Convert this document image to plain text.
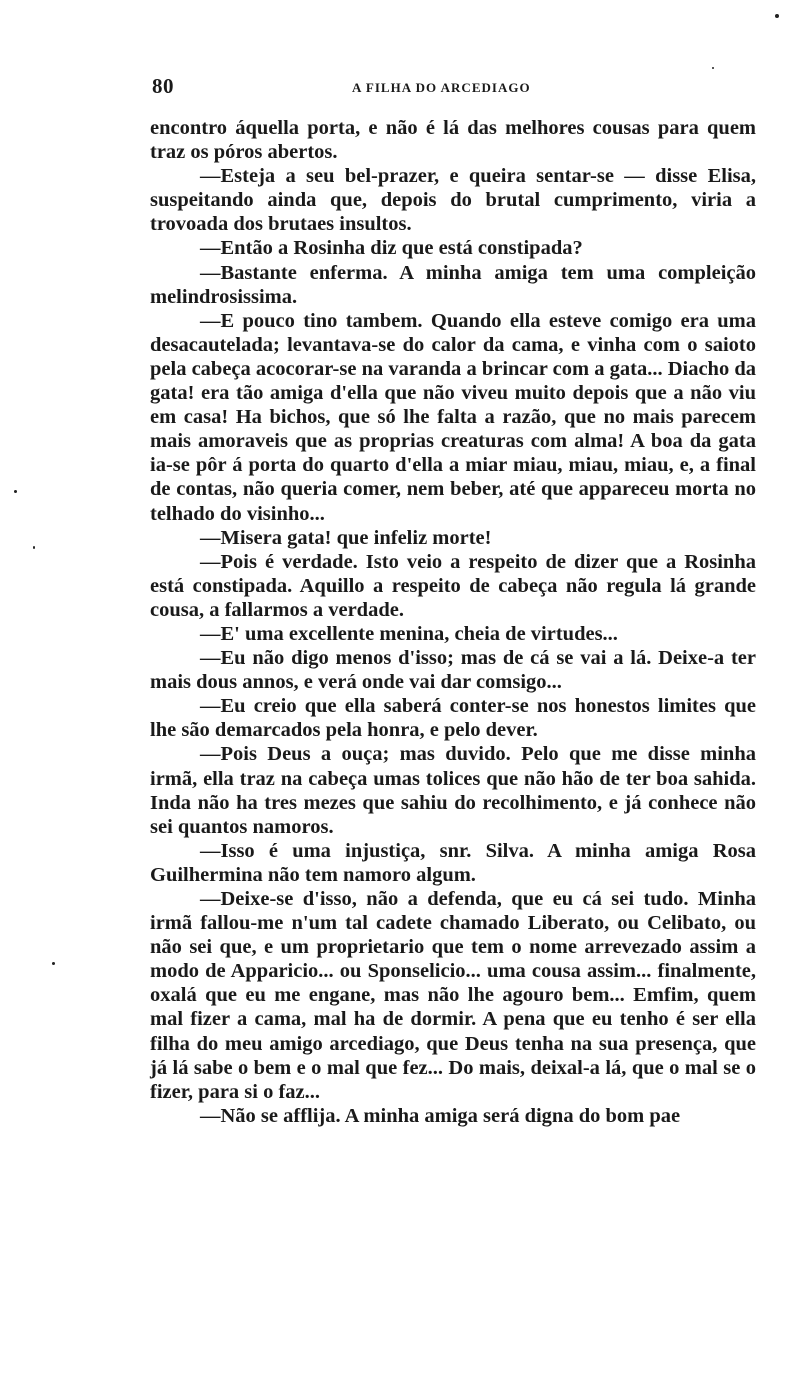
80	A FILHA DO ARCEDIAGO

encontro áquella porta, e não é lá das melhores cousas para quem traz os póros abertos.

—Esteja a seu bel-prazer, e queira sentar-se — disse Elisa, suspeitando ainda que, depois do brutal cumprimento, viria a trovoada dos brutaes insultos.

—Então a Rosinha diz que está constipada?

—Bastante enferma. A minha amiga tem uma compleição melindrosissima.

—E pouco tino tambem. Quando ella esteve comigo era uma desacautelada; levantava-se do calor da cama, e vinha com o saioto pela cabeça acocorar-se na varanda a brincar com a gata... Diacho da gata! era tão amiga d'ella que não viveu muito depois que a não viu em casa! Ha bichos, que só lhe falta a razão, que no mais parecem mais amoraveis que as proprias creaturas com alma! A boa da gata ia-se pôr á porta do quarto d'ella a miar miau, miau, miau, e, a final de contas, não queria comer, nem beber, até que appareceu morta no telhado do visinho...

—Misera gata! que infeliz morte!

—Pois é verdade. Isto veio a respeito de dizer que a Rosinha está constipada. Aquillo a respeito de cabeça não regula lá grande cousa, a fallarmos a verdade.

—E' uma excellente menina, cheia de virtudes...

—Eu não digo menos d'isso; mas de cá se vai a lá. Deixe-a ter mais dous annos, e verá onde vai dar comsigo...

—Eu creio que ella saberá conter-se nos honestos limites que lhe são demarcados pela honra, e pelo dever.

—Pois Deus a ouça; mas duvido. Pelo que me disse minha irmã, ella traz na cabeça umas tolices que não hão de ter boa sahida. Inda não ha tres mezes que sahiu do recolhimento, e já conhece não sei quantos namoros.

—Isso é uma injustiça, snr. Silva. A minha amiga Rosa Guilhermina não tem namoro algum.

—Deixe-se d'isso, não a defenda, que eu cá sei tudo. Minha irmã fallou-me n'um tal cadete chamado Liberato, ou Celibato, ou não sei que, e um proprietario que tem o nome arrevezado assim a modo de Apparicio... ou Sponselicio... uma cousa assim... finalmente, oxalá que eu me engane, mas não lhe agouro bem... Emfim, quem mal fizer a cama, mal ha de dormir. A pena que eu tenho é ser ella filha do meu amigo arcediago, que Deus tenha na sua presença, que já lá sabe o bem e o mal que fez... Do mais, deixal-a lá, que o mal se o fizer, para si o faz...

—Não se afflija. A minha amiga será digna do bom pae
